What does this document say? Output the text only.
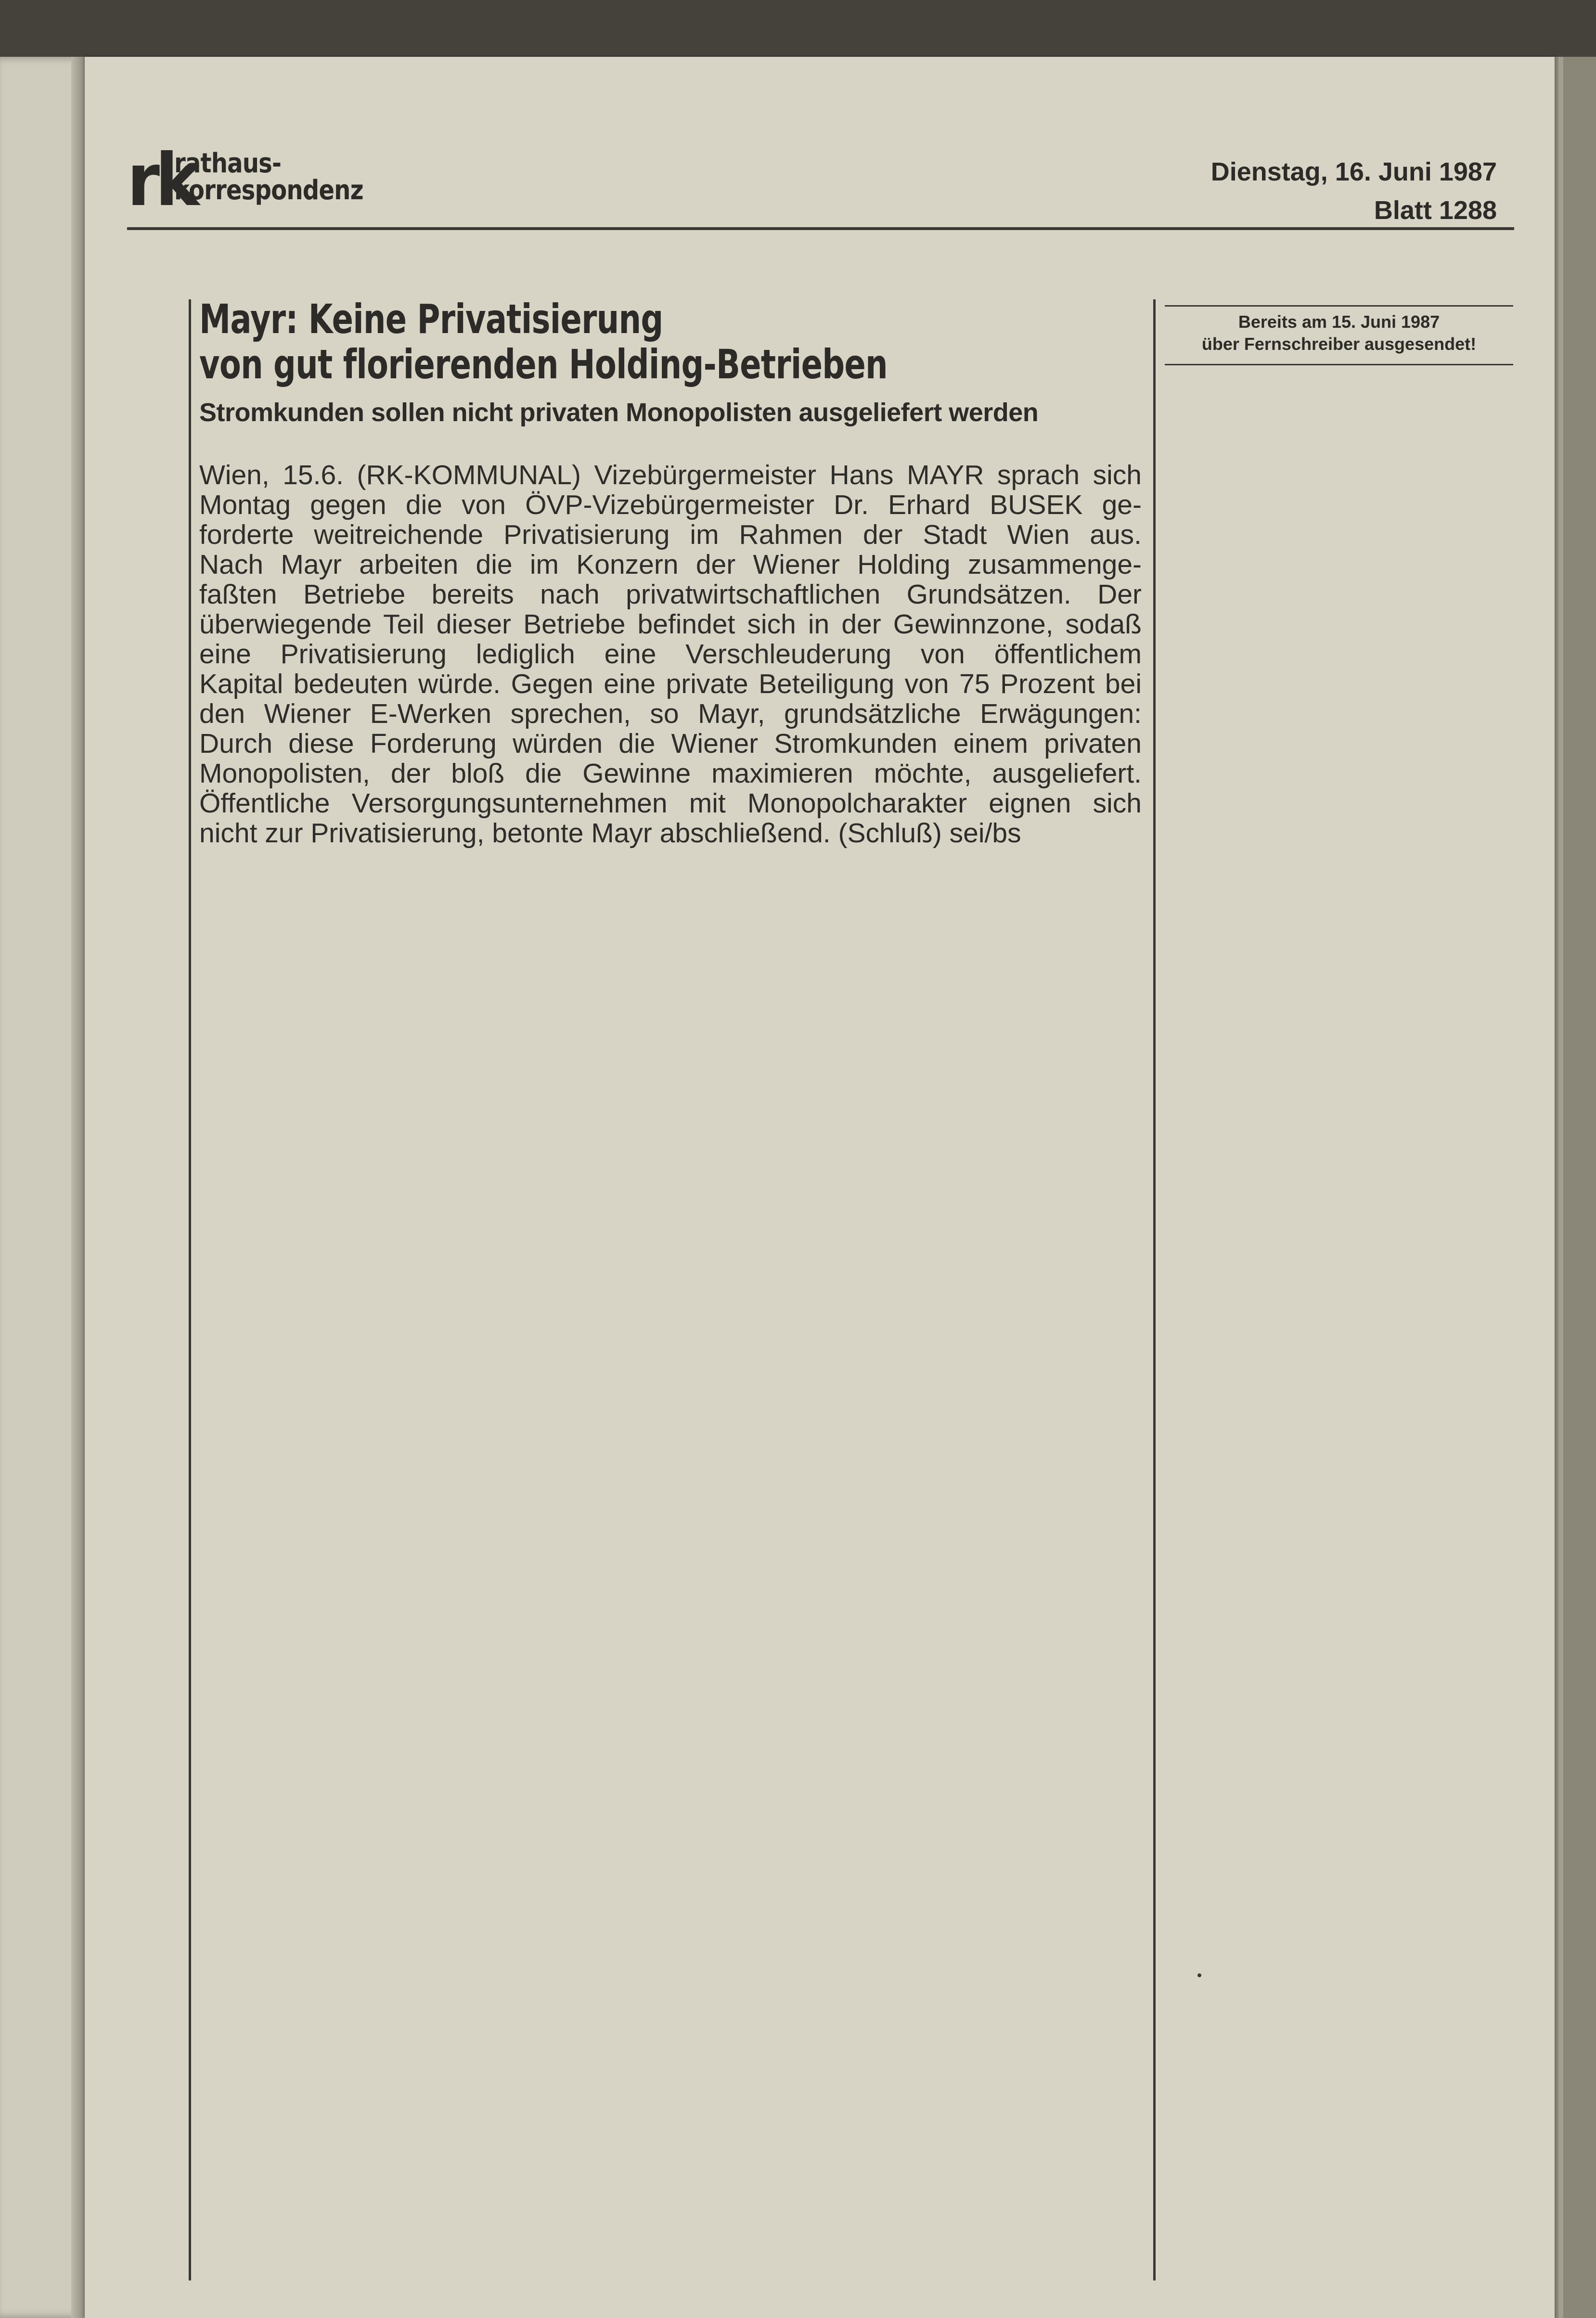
rk
rathaus-
korrespondenz
Dienstag, 16. Juni 1987
Blatt 1288
Mayr: Keine Privatisierung
von gut florierenden Holding-Betrieben
Stromkunden sollen nicht privaten Monopolisten ausgeliefert werden
Wien, 15.6. (RK-KOMMUNAL) Vizebürgermeister Hans MAYR sprach sich
Montag gegen die von ÖVP-Vizebürgermeister Dr. Erhard BUSEK ge-
forderte weitreichende Privatisierung im Rahmen der Stadt Wien aus.
Nach Mayr arbeiten die im Konzern der Wiener Holding zusammenge-
faßten Betriebe bereits nach privatwirtschaftlichen Grundsätzen. Der
überwiegende Teil dieser Betriebe befindet sich in der Gewinnzone, sodaß
eine Privatisierung lediglich eine Verschleuderung von öffentlichem
Kapital bedeuten würde. Gegen eine private Beteiligung von 75 Prozent bei
den Wiener E-Werken sprechen, so Mayr, grundsätzliche Erwägungen:
Durch diese Forderung würden die Wiener Stromkunden einem privaten
Monopolisten, der bloß die Gewinne maximieren möchte, ausgeliefert.
Öffentliche Versorgungsunternehmen mit Monopolcharakter eignen sich
nicht zur Privatisierung, betonte Mayr abschließend. (Schluß) sei/bs
Bereits am 15. Juni 1987
über Fernschreiber ausgesendet!
